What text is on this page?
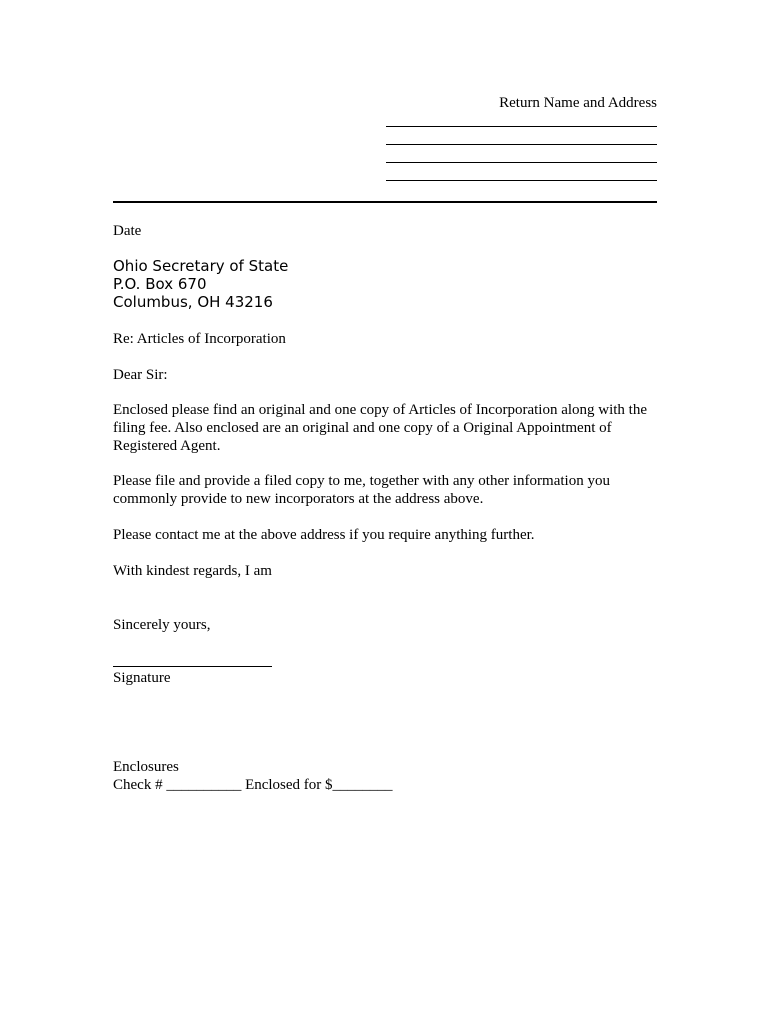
Return Name and Address
Date
Ohio Secretary of State
P.O. Box 670
Columbus, OH 43216
Re: Articles of Incorporation
Dear Sir:
Enclosed please find an original and one copy of Articles of Incorporation along with the
filing fee. Also enclosed are an original and one copy of a Original Appointment of
Registered Agent.
Please file and provide a filed copy to me, together with any other information you
commonly provide to new incorporators at the address above.
Please contact me at the above address if you require anything further.
With kindest regards, I am
Sincerely yours,
Signature
Enclosures
Check # __________ Enclosed for $________
